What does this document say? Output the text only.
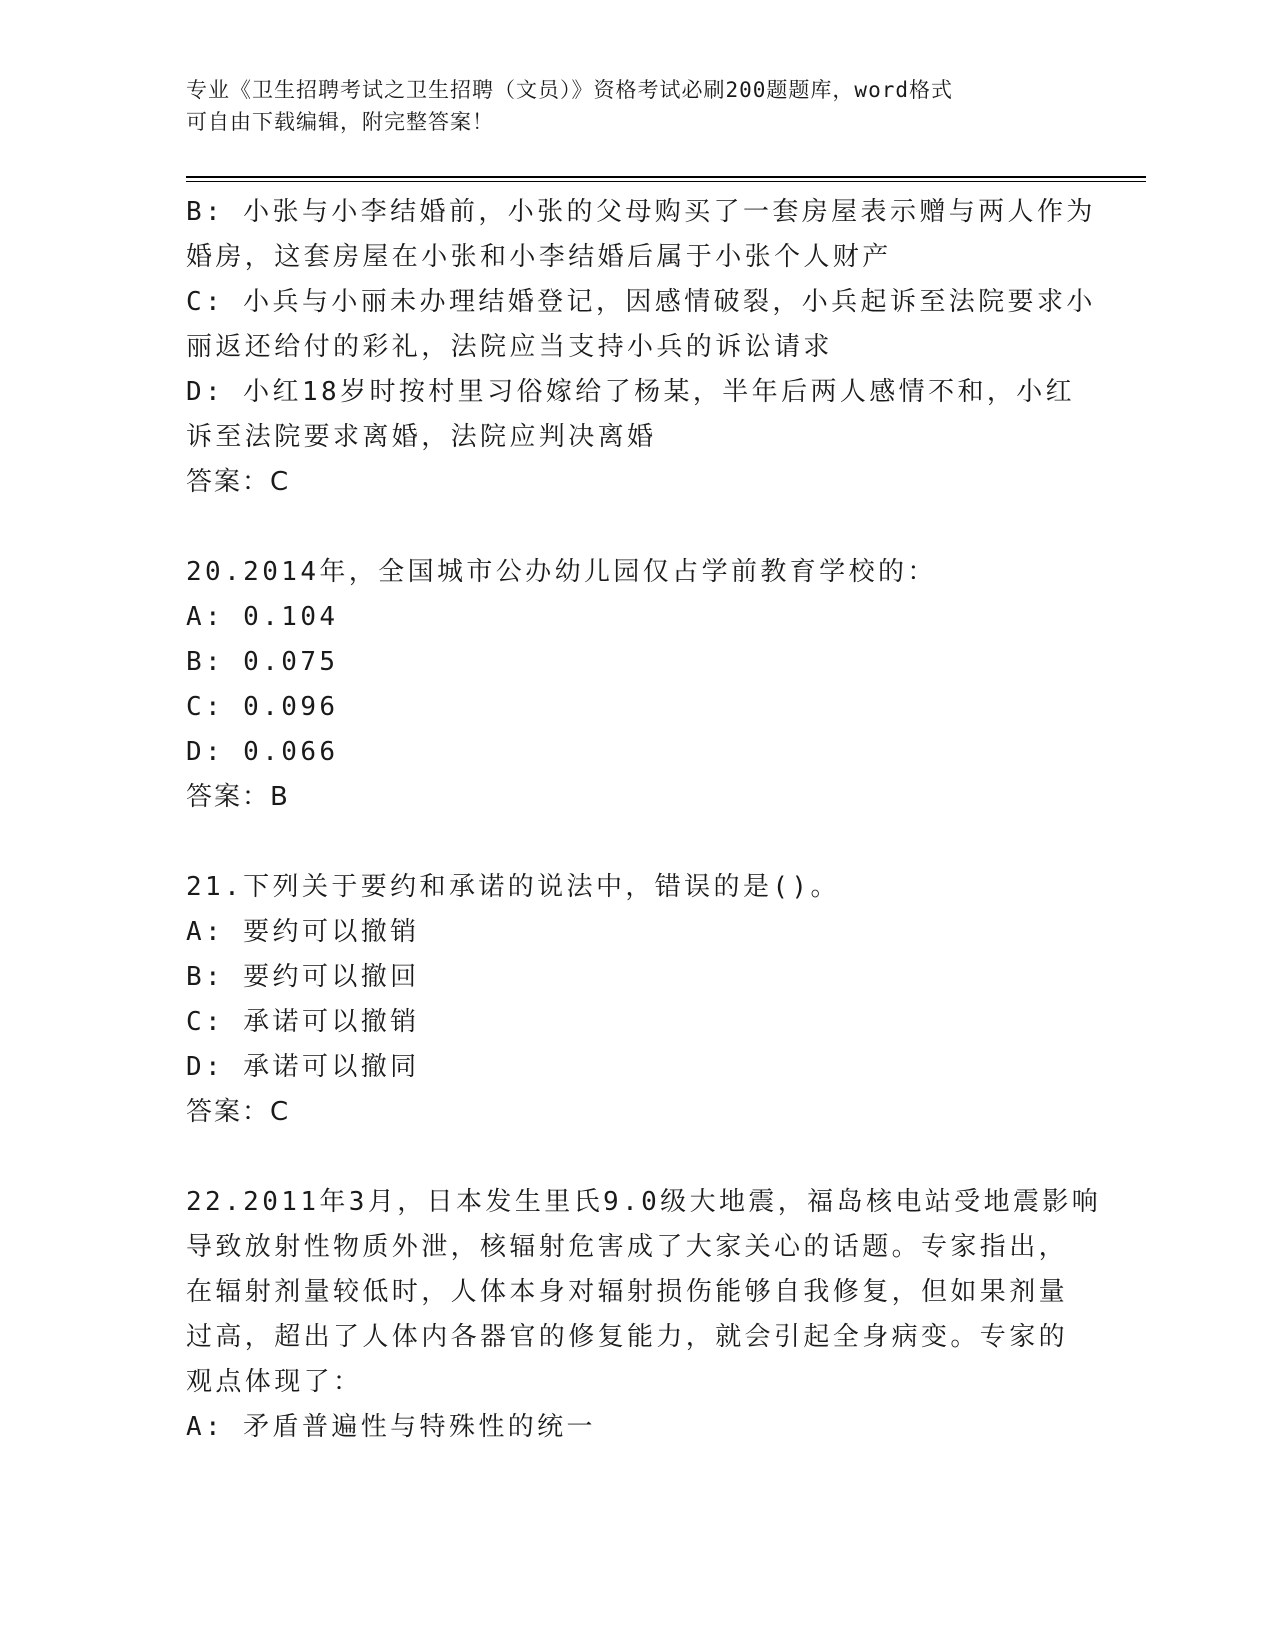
专业《卫生招聘考试之卫生招聘（文员）》资格考试必刷200题题库，word格式
可自由下载编辑，附完整答案！
B: 小张与小李结婚前，小张的父母购买了一套房屋表示赠与两人作为
婚房，这套房屋在小张和小李结婚后属于小张个人财产
C: 小兵与小丽未办理结婚登记，因感情破裂，小兵起诉至法院要求小
丽返还给付的彩礼，法院应当支持小兵的诉讼请求
D: 小红18岁时按村里习俗嫁给了杨某，半年后两人感情不和，小红
诉至法院要求离婚，法院应判决离婚
答案：C
20.2014年，全国城市公办幼儿园仅占学前教育学校的：
A: 0.104
B: 0.075
C: 0.096
D: 0.066
答案：B
21.下列关于要约和承诺的说法中，错误的是()。
A: 要约可以撤销
B: 要约可以撤回
C: 承诺可以撤销
D: 承诺可以撤同
答案：C
22.2011年3月，日本发生里氏9.0级大地震，福岛核电站受地震影响
导致放射性物质外泄，核辐射危害成了大家关心的话题。专家指出，
在辐射剂量较低时，人体本身对辐射损伤能够自我修复，但如果剂量
过高，超出了人体内各器官的修复能力，就会引起全身病变。专家的
观点体现了：
A: 矛盾普遍性与特殊性的统一
